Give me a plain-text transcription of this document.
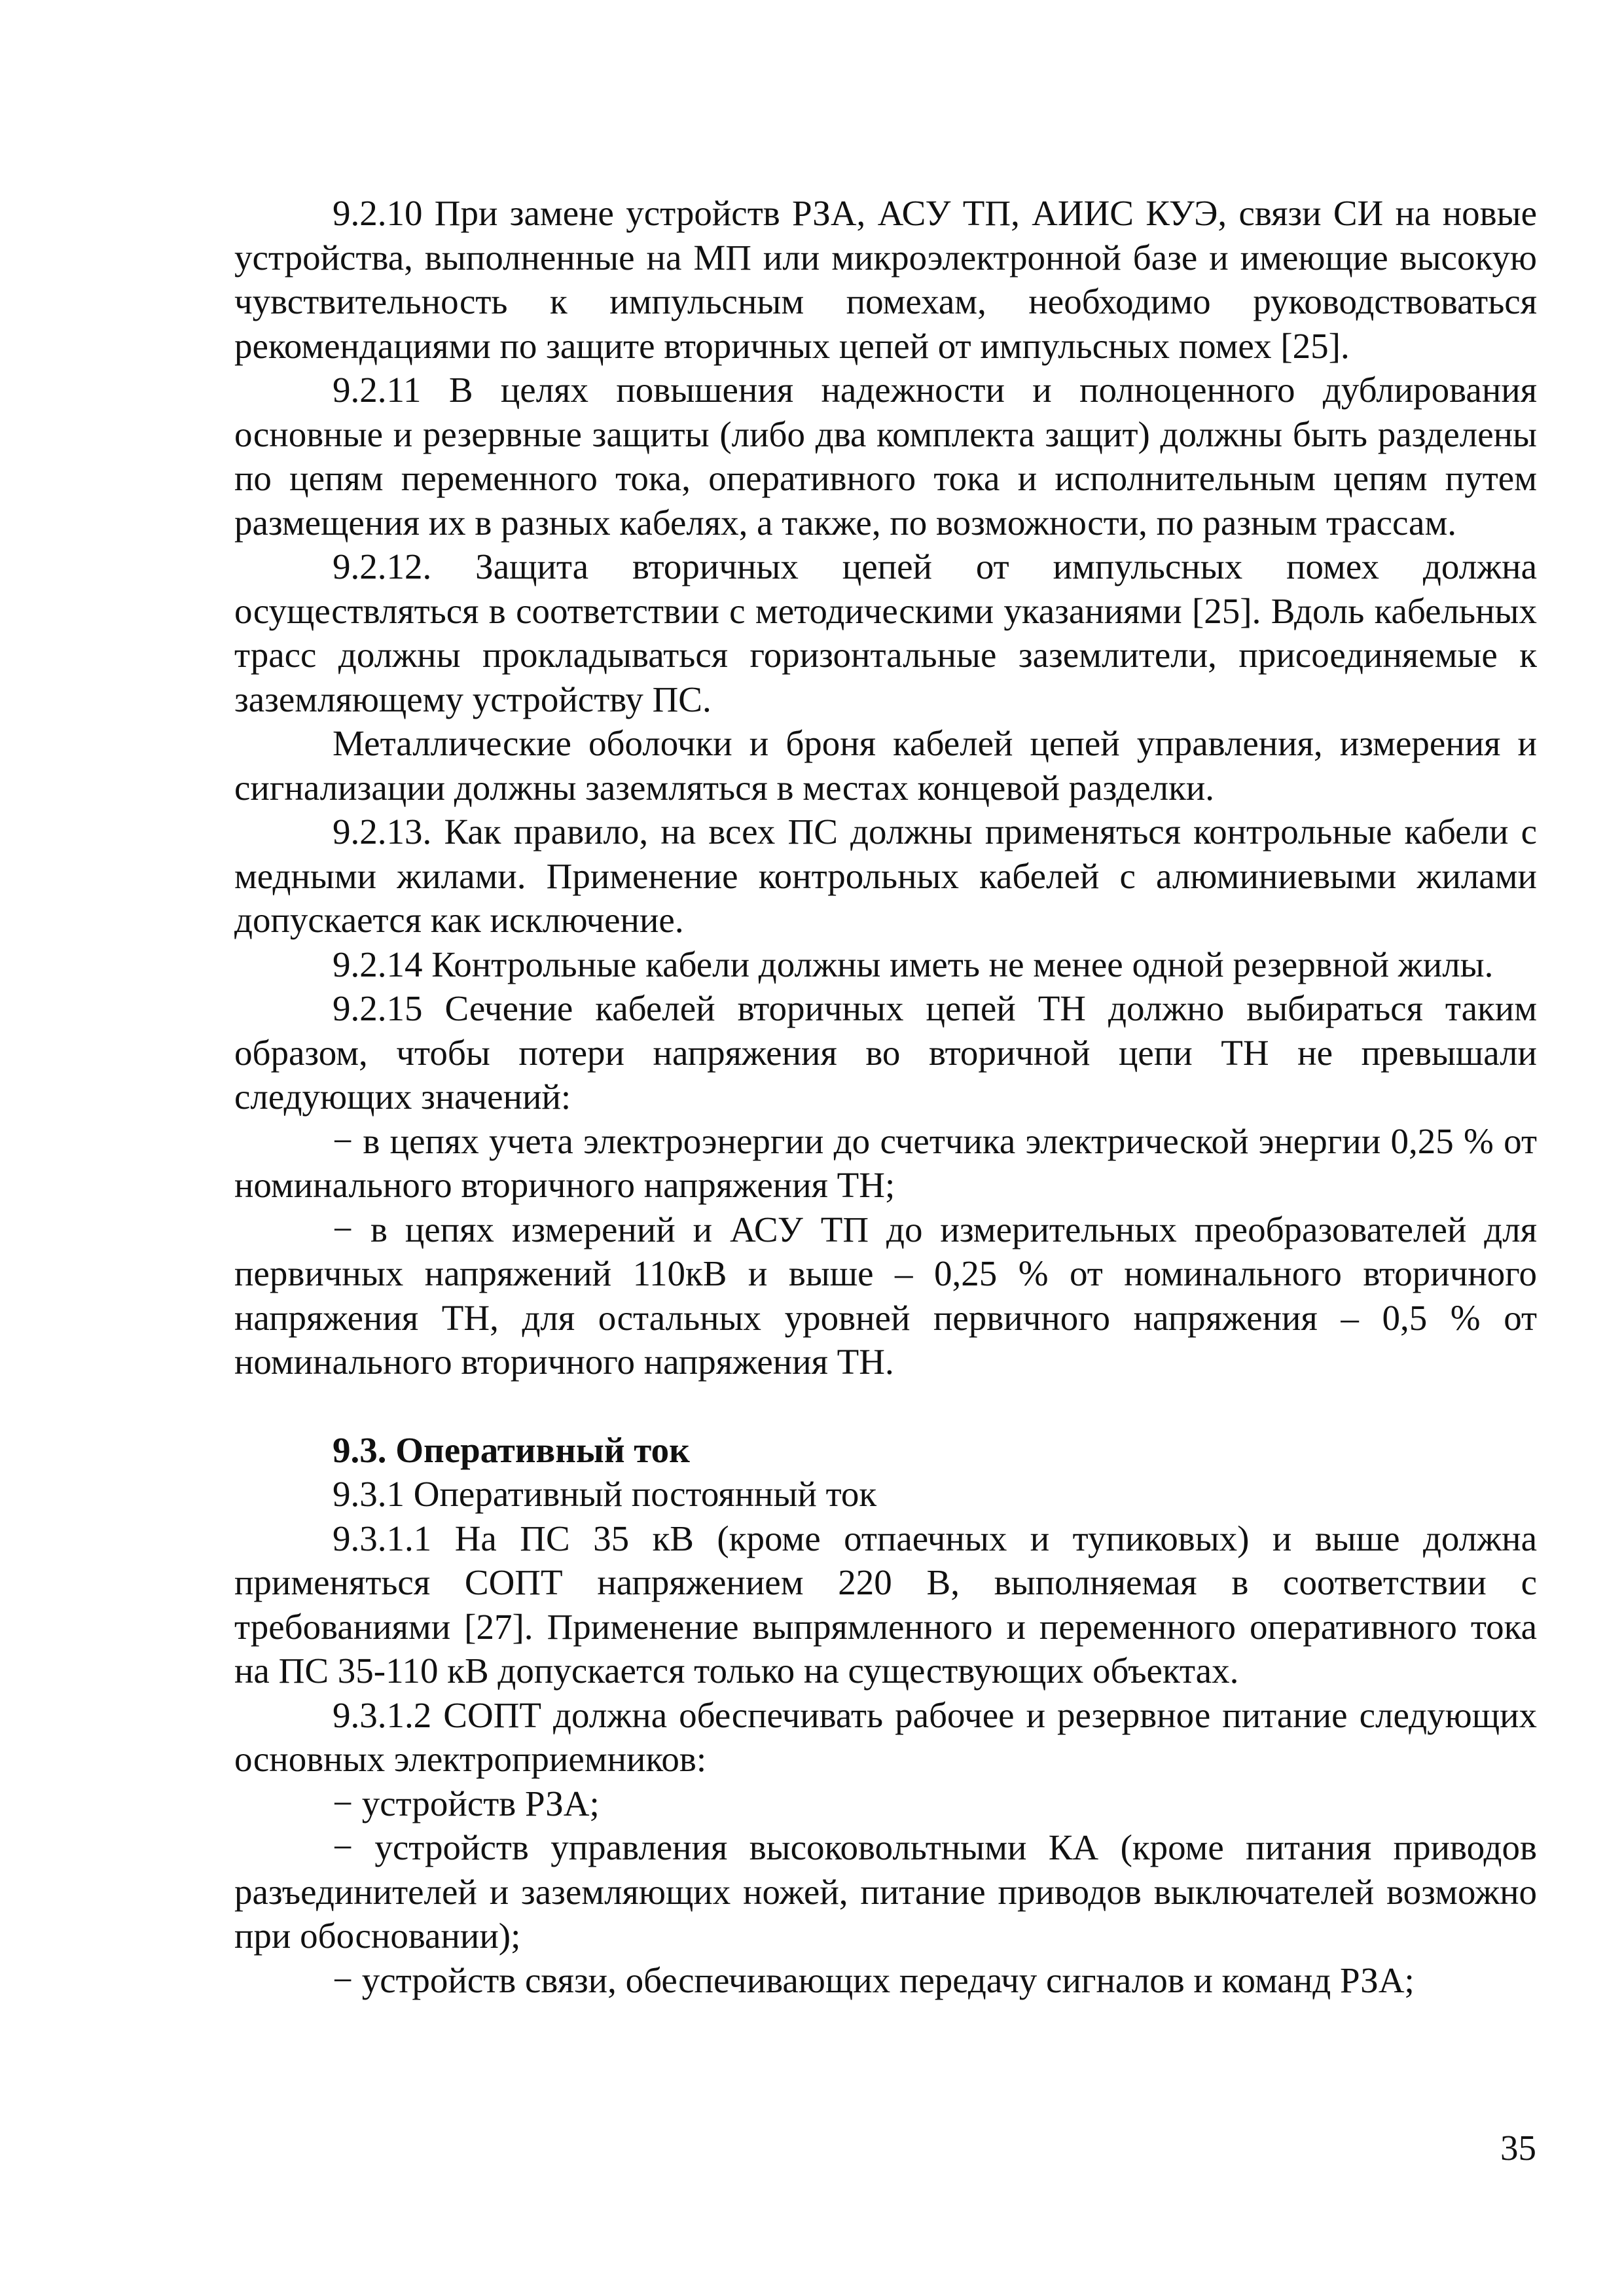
9.2.10 При замене устройств РЗА, АСУ ТП, АИИС КУЭ, связи СИ на новые устройства, выполненные на МП или микроэлектронной базе и имеющие высокую чувствительность к импульсным помехам, необходимо руководствоваться рекомендациями по защите вторичных цепей от импульсных помех [25].

9.2.11 В целях повышения надежности и полноценного дублирования основные и резервные защиты (либо два комплекта защит) должны быть разделены по цепям переменного тока, оперативного тока и исполнительным цепям путем размещения их в разных кабелях, а также, по возможности, по разным трассам.

9.2.12. Защита вторичных цепей от импульсных помех должна осуществляться в соответствии с методическими указаниями [25]. Вдоль кабельных трасс должны прокладываться горизонтальные заземлители, присоединяемые к заземляющему устройству ПС.

Металлические оболочки и броня кабелей цепей управления, измерения и сигнализации должны заземляться в местах концевой разделки.

9.2.13. Как правило, на всех ПС должны применяться контрольные кабели с медными жилами. Применение контрольных кабелей с алюминиевыми жилами допускается как исключение.

9.2.14 Контрольные кабели должны иметь не менее одной резервной жилы.

9.2.15 Сечение кабелей вторичных цепей ТН должно выбираться таким образом, чтобы потери напряжения во вторичной цепи ТН не превышали следующих значений:

− в цепях учета электроэнергии до счетчика электрической энергии 0,25 % от номинального вторичного напряжения ТН;

− в цепях измерений и АСУ ТП до измерительных преобразователей для первичных напряжений 110кВ и выше – 0,25 % от номинального вторичного напряжения ТН, для остальных уровней первичного напряжения – 0,5 % от номинального вторичного напряжения ТН.

9.3. Оперативный ток

9.3.1 Оперативный постоянный ток

9.3.1.1 На ПС 35 кВ (кроме отпаечных и тупиковых) и выше должна применяться СОПТ напряжением 220 В, выполняемая в соответствии с требованиями [27]. Применение выпрямленного и переменного оперативного тока на ПС 35-110 кВ допускается только на существующих объектах.

9.3.1.2 СОПТ должна обеспечивать рабочее и резервное питание следующих основных электроприемников:

− устройств РЗА;

− устройств управления высоковольтными КА (кроме питания приводов разъединителей и заземляющих ножей, питание приводов выключателей возможно при обосновании);

− устройств связи, обеспечивающих передачу сигналов и команд РЗА;

35
